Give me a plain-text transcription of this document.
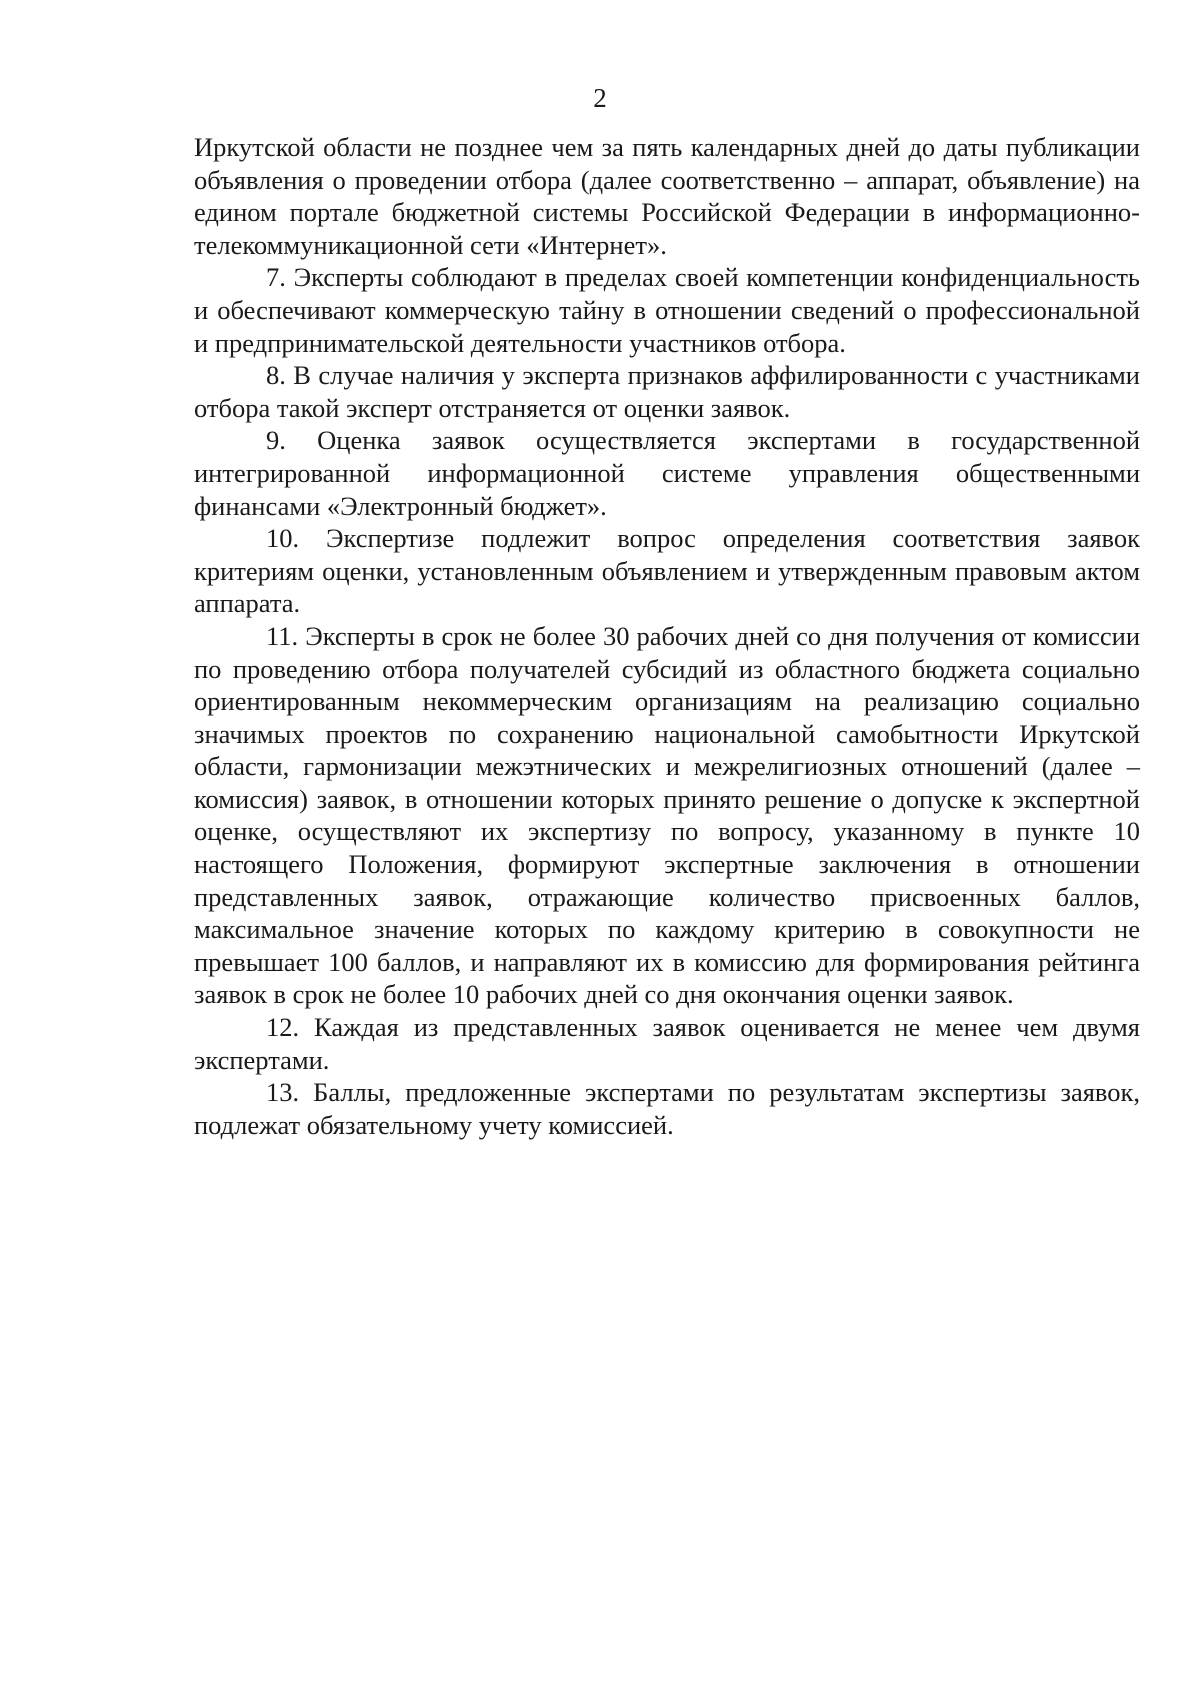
2

Иркутской области не позднее чем за пять календарных дней до даты публикации объявления о проведении отбора (далее соответственно – аппарат, объявление) на едином портале бюджетной системы Российской Федерации в информационно-телекоммуникационной сети «Интернет».

7. Эксперты соблюдают в пределах своей компетенции конфиденциальность и обеспечивают коммерческую тайну в отношении сведений о профессиональной и предпринимательской деятельности участников отбора.

8. В случае наличия у эксперта признаков аффилированности с участниками отбора такой эксперт отстраняется от оценки заявок.

9. Оценка заявок осуществляется экспертами в государственной интегрированной информационной системе управления общественными финансами «Электронный бюджет».

10. Экспертизе подлежит вопрос определения соответствия заявок критериям оценки, установленным объявлением и утвержденным правовым актом аппарата.

11. Эксперты в срок не более 30 рабочих дней со дня получения от комиссии по проведению отбора получателей субсидий из областного бюджета социально ориентированным некоммерческим организациям на реализацию социально значимых проектов по сохранению национальной самобытности Иркутской области, гармонизации межэтнических и межрелигиозных отношений (далее – комиссия) заявок, в отношении которых принято решение о допуске к экспертной оценке, осуществляют их экспертизу по вопросу, указанному в пункте 10 настоящего Положения, формируют экспертные заключения в отношении представленных заявок, отражающие количество присвоенных баллов, максимальное значение которых по каждому критерию в совокупности не превышает 100 баллов, и направляют их в комиссию для формирования рейтинга заявок в срок не более 10 рабочих дней со дня окончания оценки заявок.

12. Каждая из представленных заявок оценивается не менее чем двумя экспертами.

13. Баллы, предложенные экспертами по результатам экспертизы заявок, подлежат обязательному учету комиссией.
